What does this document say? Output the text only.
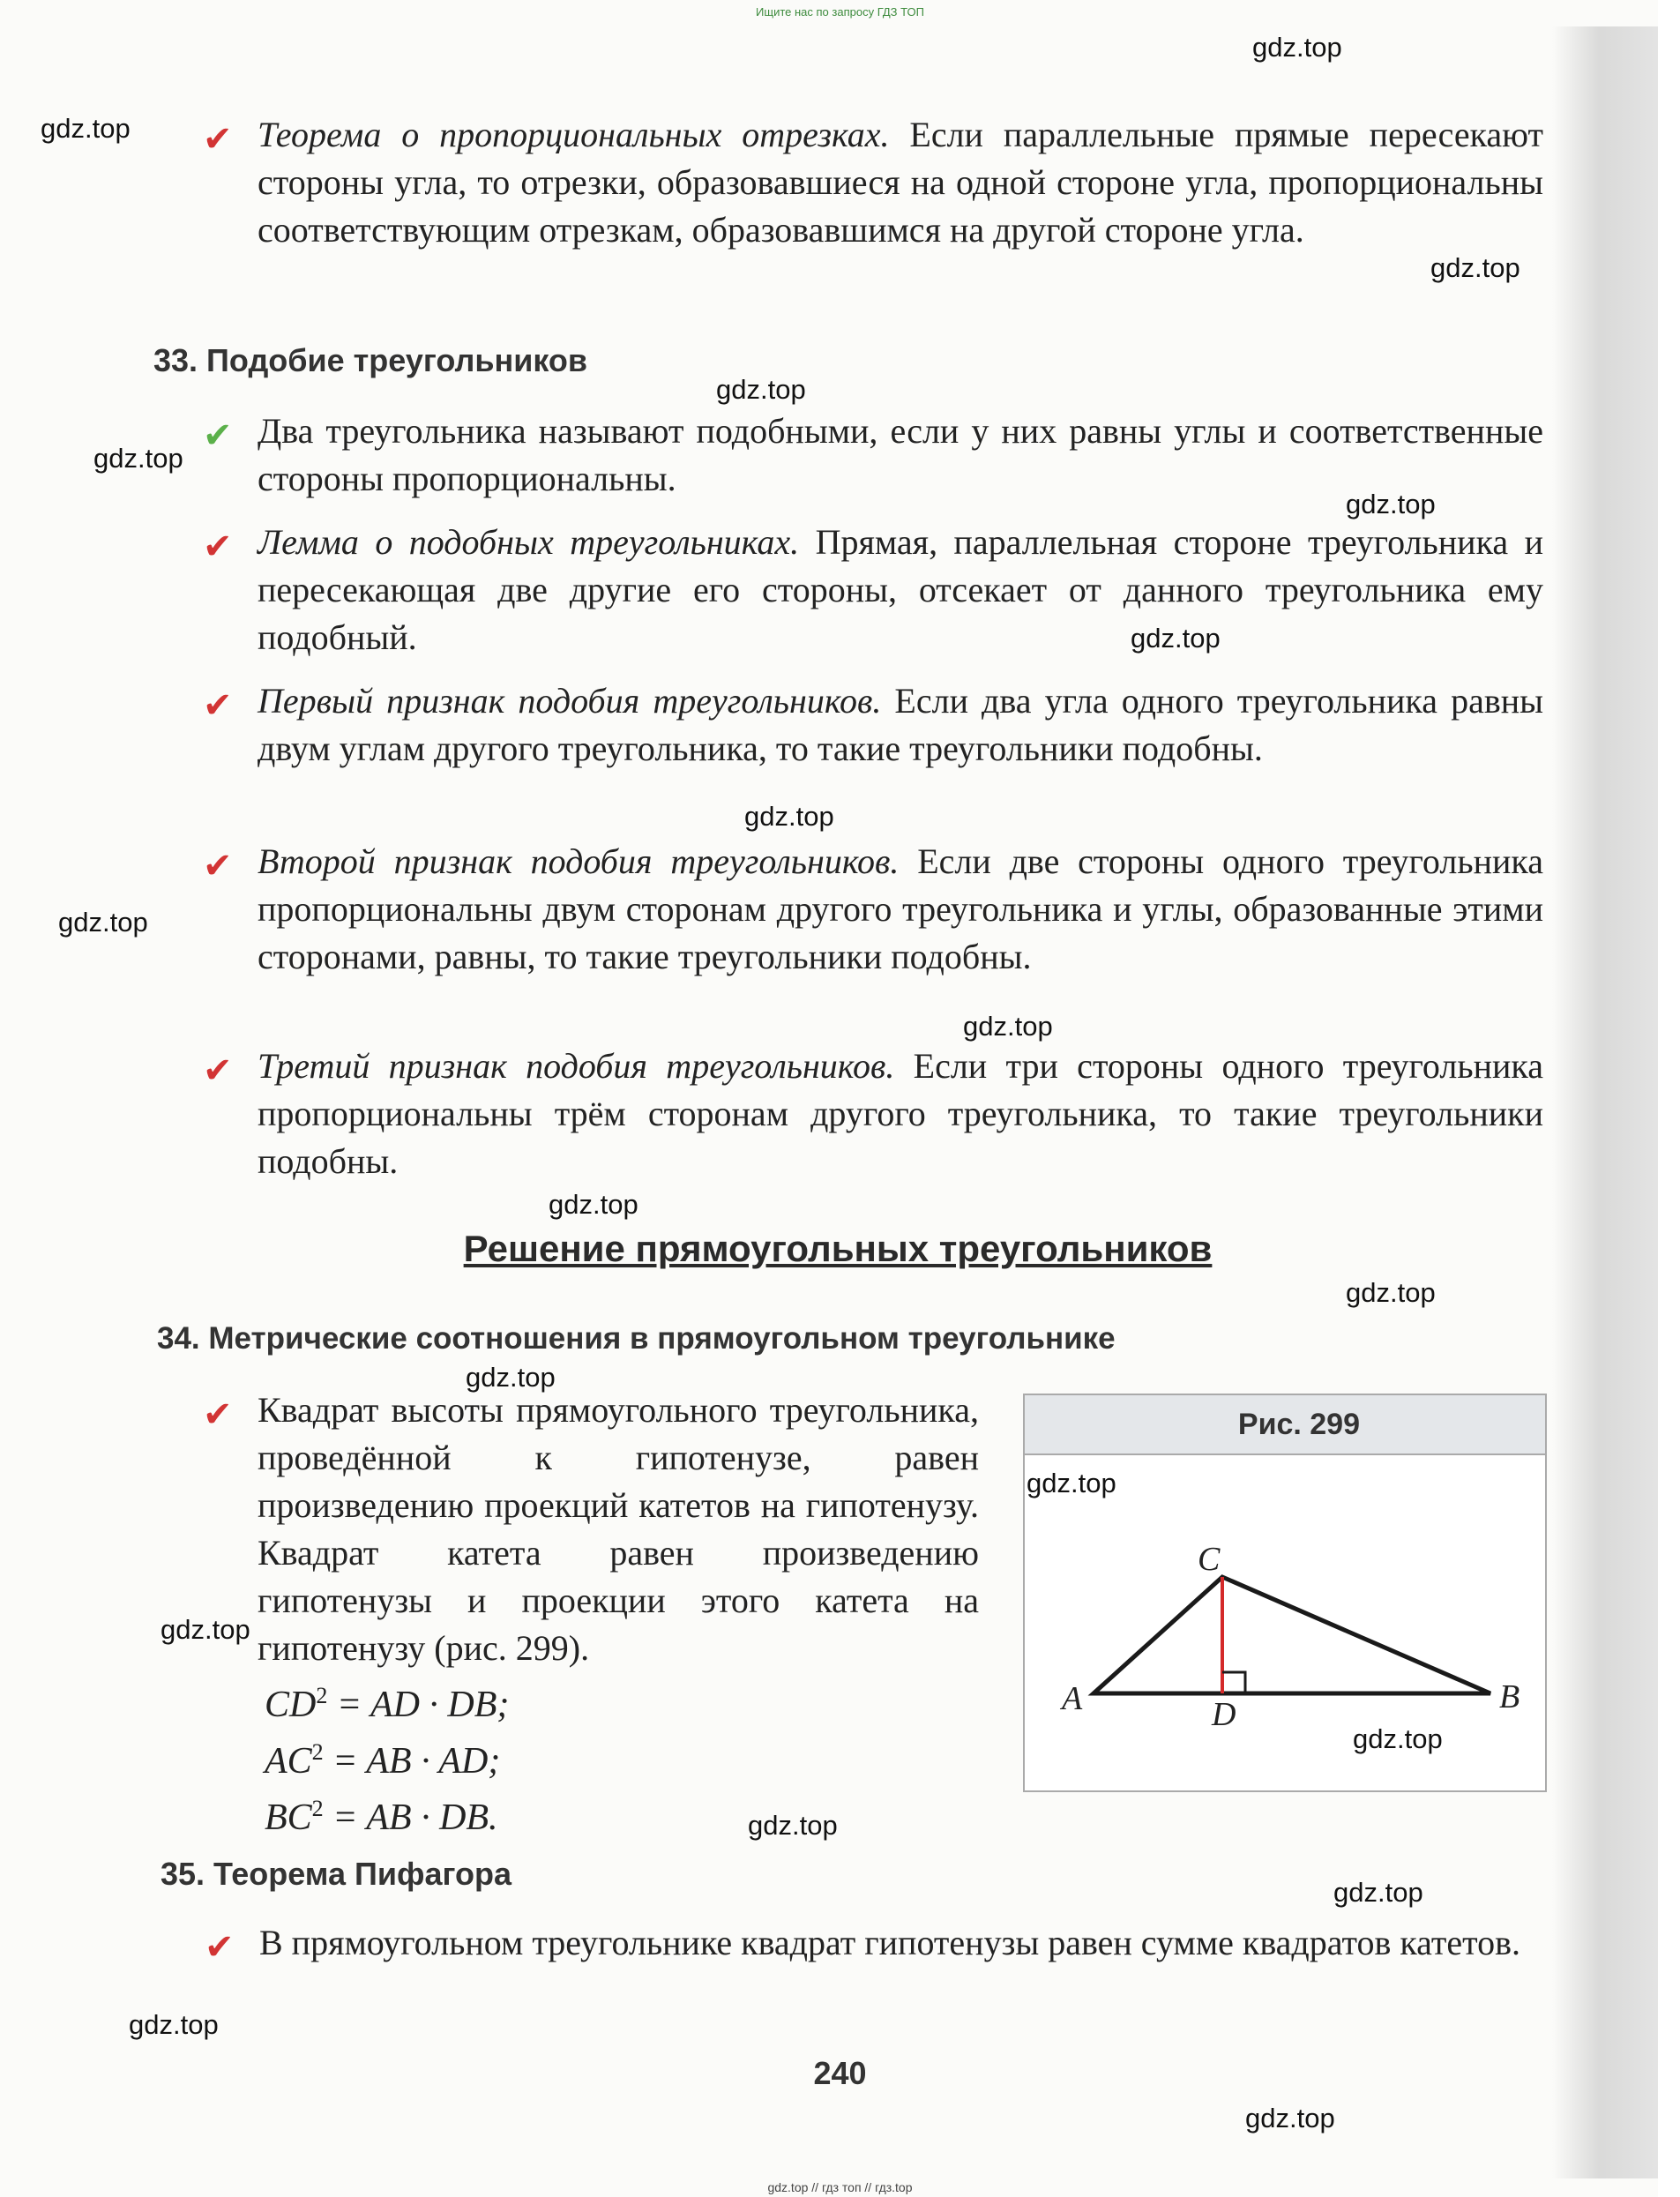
Ищите нас по запросу ГДЗ ТОП
✔ Теорема о пропорциональных отрезках. Если параллельные прямые пересекают стороны угла, то отрезки, образовавшиеся на одной стороне угла, пропорциональны соответствующим отрезкам, образовавшимся на другой стороне угла.
33. Подобие треугольников
✔ Два треугольника называют подобными, если у них равны углы и соответственные стороны пропорциональны.
✔ Лемма о подобных треугольниках. Прямая, параллельная стороне треугольника и пересекающая две другие его стороны, отсекает от данного треугольника ему подобный.
✔ Первый признак подобия треугольников. Если два угла одного треугольника равны двум углам другого треугольника, то такие треугольники подобны.
✔ Второй признак подобия треугольников. Если две стороны одного треугольника пропорциональны двум сторонам другого треугольника и углы, образованные этими сторонами, равны, то такие треугольники подобны.
✔ Третий признак подобия треугольников. Если три стороны одного треугольника пропорциональны трём сторонам другого треугольника, то такие треугольники подобны.
Решение прямоугольных треугольников
34. Метрические соотношения в прямоугольном треугольнике
✔ Квадрат высоты прямоугольного треугольника, проведённой к гипотенузе, равен произведению проекций катетов на гипотенузу. Квадрат катета равен произведению гипотенузы и проекции этого катета на гипотенузу (рис. 299).
$CD^2$ = AD · DB;
$AC^2$ = AB · AD;
$BC^2$ = AB · DB.
Рис. 299
C
A	D	B
35. Теорема Пифагора
✔ В прямоугольном треугольнике квадрат гипотенузы равен сумме квадратов катетов.
240
gdz.top
gdz.top
gdz.top
gdz.top
gdz.top
gdz.top
gdz.top
gdz.top
gdz.top
gdz.top
gdz.top
gdz.top
gdz.top
gdz.top
gdz.top
gdz.top
gdz.top
gdz.top
gdz.top
gdz.top
gdz.top // гдз топ // гдз.top
